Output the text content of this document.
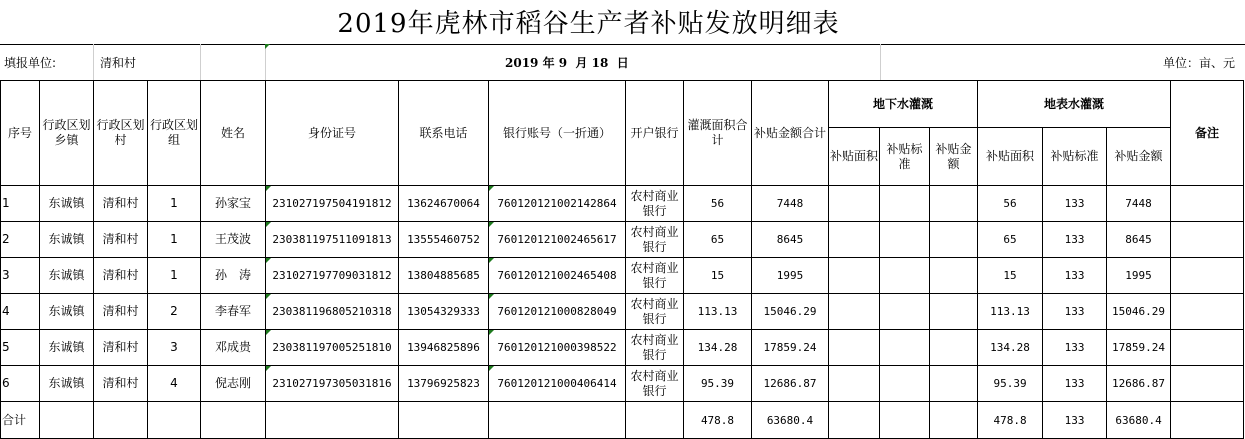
2019年虎林市稻谷生产者补贴发放明细表
填报单位:	清和村	2019 年 9  月 18  日	单位：亩、元
序号	行政区划乡镇	行政区划村	行政区划组	姓名	身份证号	联系电话	银行账号（一折通）	开户银行	灌溉面积合计	补贴金额合计	地下水灌溉			地表水灌溉			备注
											补贴面积	补贴标准	补贴金额	补贴面积	补贴标准	补贴金额	
1	东诚镇	清和村	1	孙家宝	231027197504191812	13624670064	760120121002142864	农村商业银行	56	7448				56	133	7448	
2	东诚镇	清和村	1	王茂波	230381197511091813	13555460752	760120121002465617	农村商业银行	65	8645				65	133	8645	
3	东诚镇	清和村	1	孙　涛	231027197709031812	13804885685	760120121002465408	农村商业银行	15	1995				15	133	1995	
4	东诚镇	清和村	2	李春军	230381196805210318	13054329333	760120121000828049	农村商业银行	113.13	15046.29				113.13	133	15046.29	
5	东诚镇	清和村	3	邓成贵	230381197005251810	13946825896	760120121000398522	农村商业银行	134.28	17859.24				134.28	133	17859.24	
6	东诚镇	清和村	4	倪志刚	231027197305031816	13796925823	760120121000406414	农村商业银行	95.39	12686.87				95.39	133	12686.87	
合计									478.8	63680.4				478.8	133	63680.4	
